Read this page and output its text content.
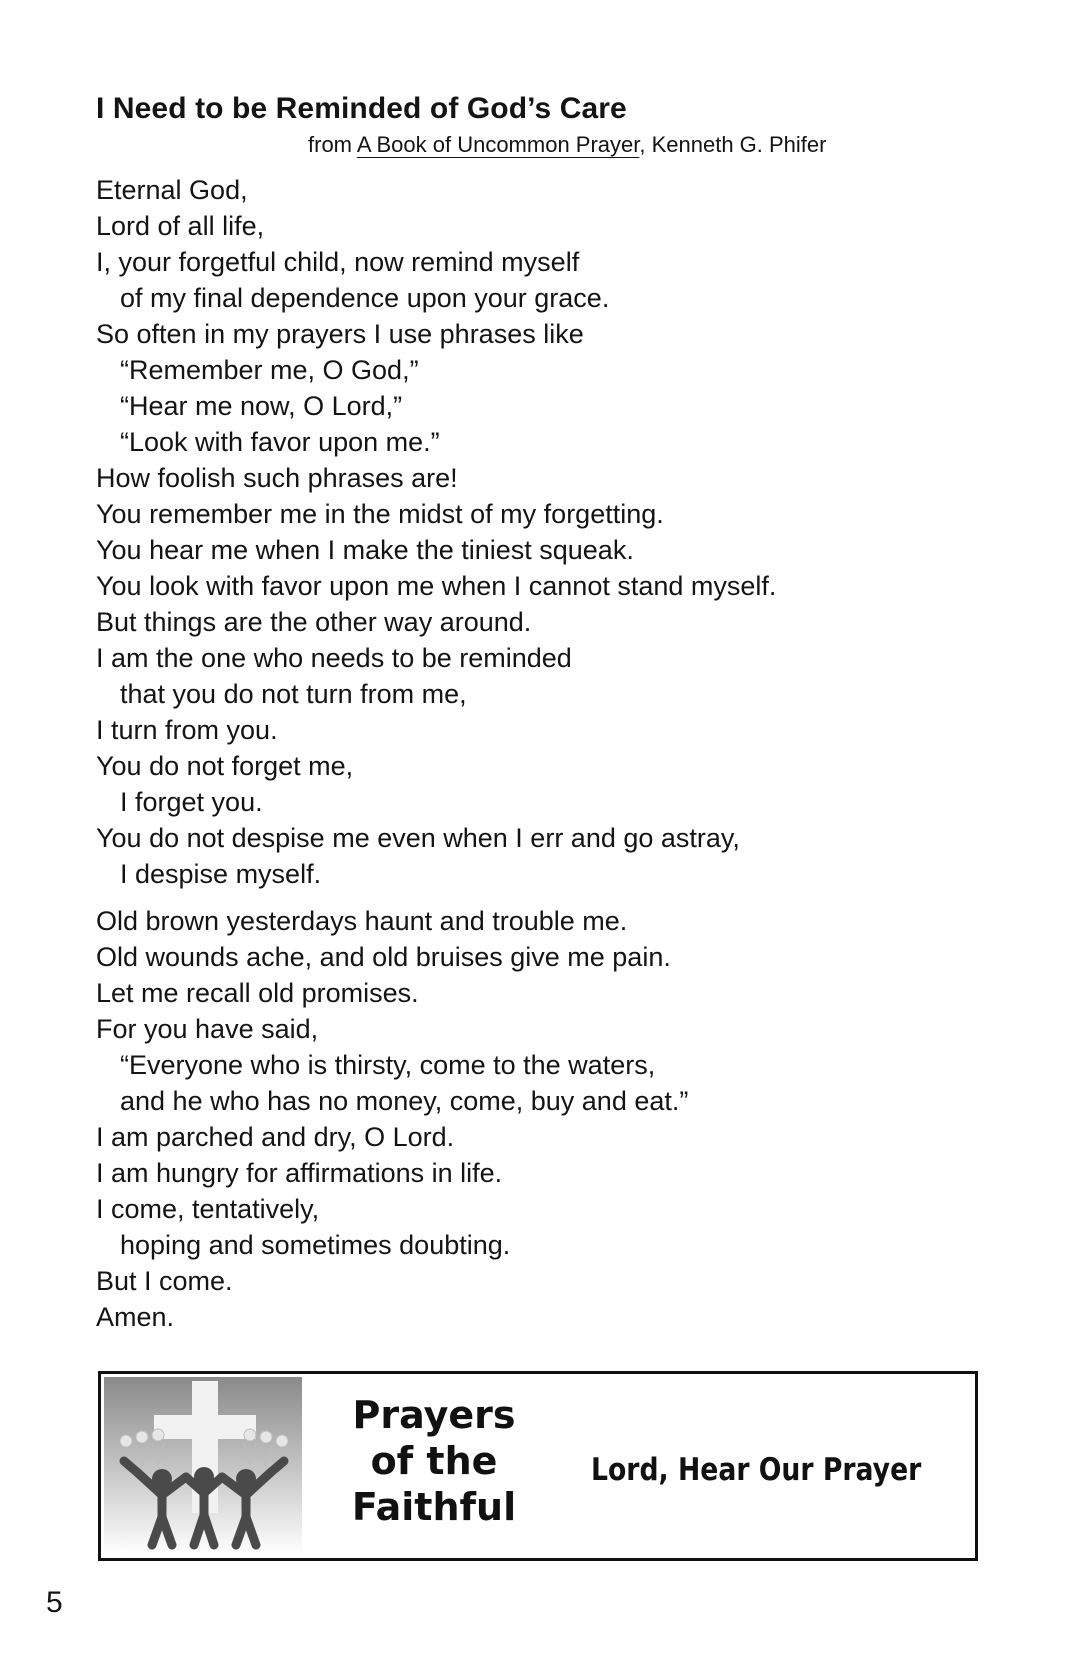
I Need to be Reminded of God’s Care
from A Book of Uncommon Prayer, Kenneth G. Phifer
Eternal God,
Lord of all life,
I, your forgetful child, now remind myself
of my final dependence upon your grace.
So often in my prayers I use phrases like
“Remember me, O God,”
“Hear me now, O Lord,”
“Look with favor upon me.”
How foolish such phrases are!
You remember me in the midst of my forgetting.
You hear me when I make the tiniest squeak.
You look with favor upon me when I cannot stand myself.
But things are the other way around.
I am the one who needs to be reminded
that you do not turn from me,
I turn from you.
You do not forget me,
I forget you.
You do not despise me even when I err and go astray,
I despise myself.
Old brown yesterdays haunt and trouble me.
Old wounds ache, and old bruises give me pain.
Let me recall old promises.
For you have said,
“Everyone who is thirsty, come to the waters,
and he who has no money, come, buy and eat.”
I am parched and dry, O Lord.
I am hungry for affirmations in life.
I come, tentatively,
hoping and sometimes doubting.
But I come.
Amen.
Prayers
of the
Faithful
Lord, Hear Our Prayer
5
